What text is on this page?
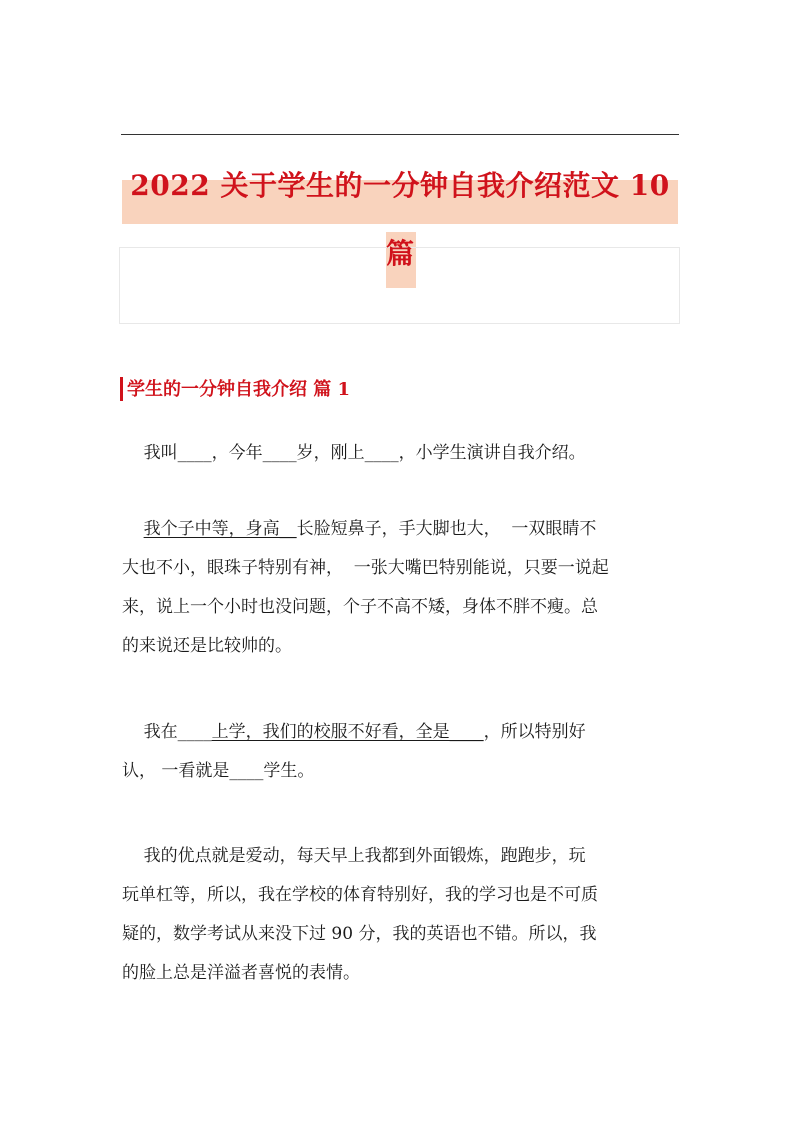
2022 关于学生的一分钟自我介绍范文 10
篇
学生的一分钟自我介绍 篇 1
我叫____，今年____岁，刚上____，小学生演讲自我介绍。
我个子中等，身高__长脸短鼻子，手大脚也大，  一双眼睛不
大也不小，眼珠子特别有神，  一张大嘴巴特别能说，只要一说起
来，说上一个小时也没问题，个子不高不矮，身体不胖不瘦。总
的来说还是比较帅的。
我在____上学，我们的校服不好看，全是____，所以特别好
认， 一看就是____学生。
我的优点就是爱动，每天早上我都到外面锻炼，跑跑步，玩
玩单杠等，所以，我在学校的体育特别好，我的学习也是不可质
疑的，数学考试从来没下过 90 分，我的英语也不错。所以，我
的脸上总是洋溢者喜悦的表情。
